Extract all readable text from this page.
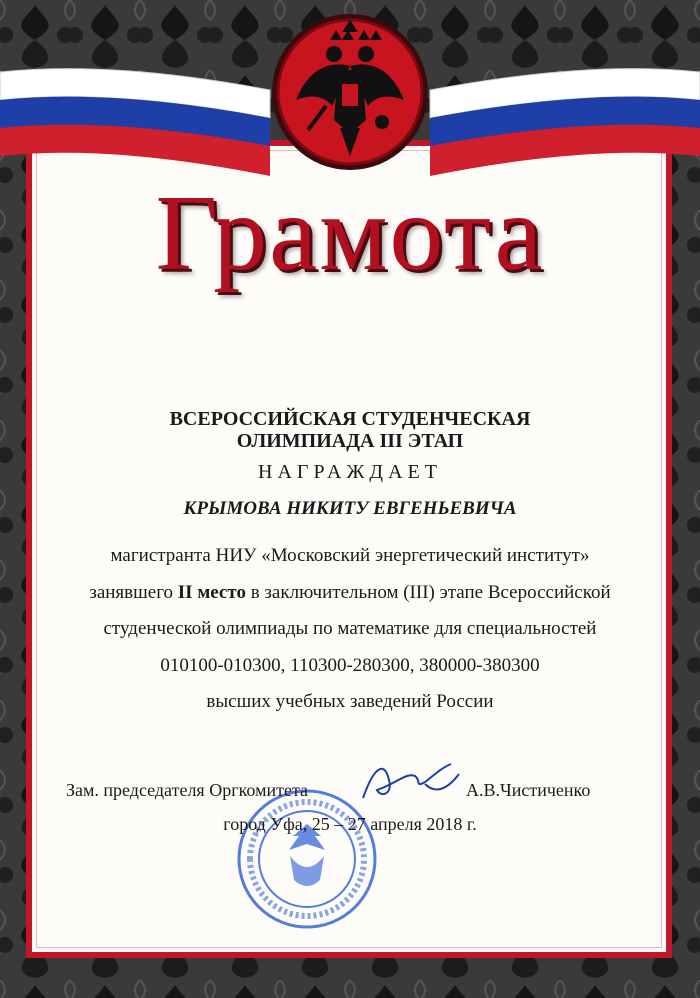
Грамота
ВСЕРОССИЙСКАЯ СТУДЕНЧЕСКАЯ
ОЛИМПИАДА III ЭТАП
НАГРАЖДАЕТ
КРЫМОВА НИКИТУ ЕВГЕНЬЕВИЧА
магистранта НИУ «Московский энергетический институт»
занявшего II место в заключительном (III) этапе Всероссийской
студенческой олимпиады по математике для специальностей
010100-010300, 110300-280300, 380000-380300
высших учебных заведений России
Зам. председателя Оргкомитета	А.В.Чистиченко
город Уфа, 25 – 27 апреля 2018 г.
